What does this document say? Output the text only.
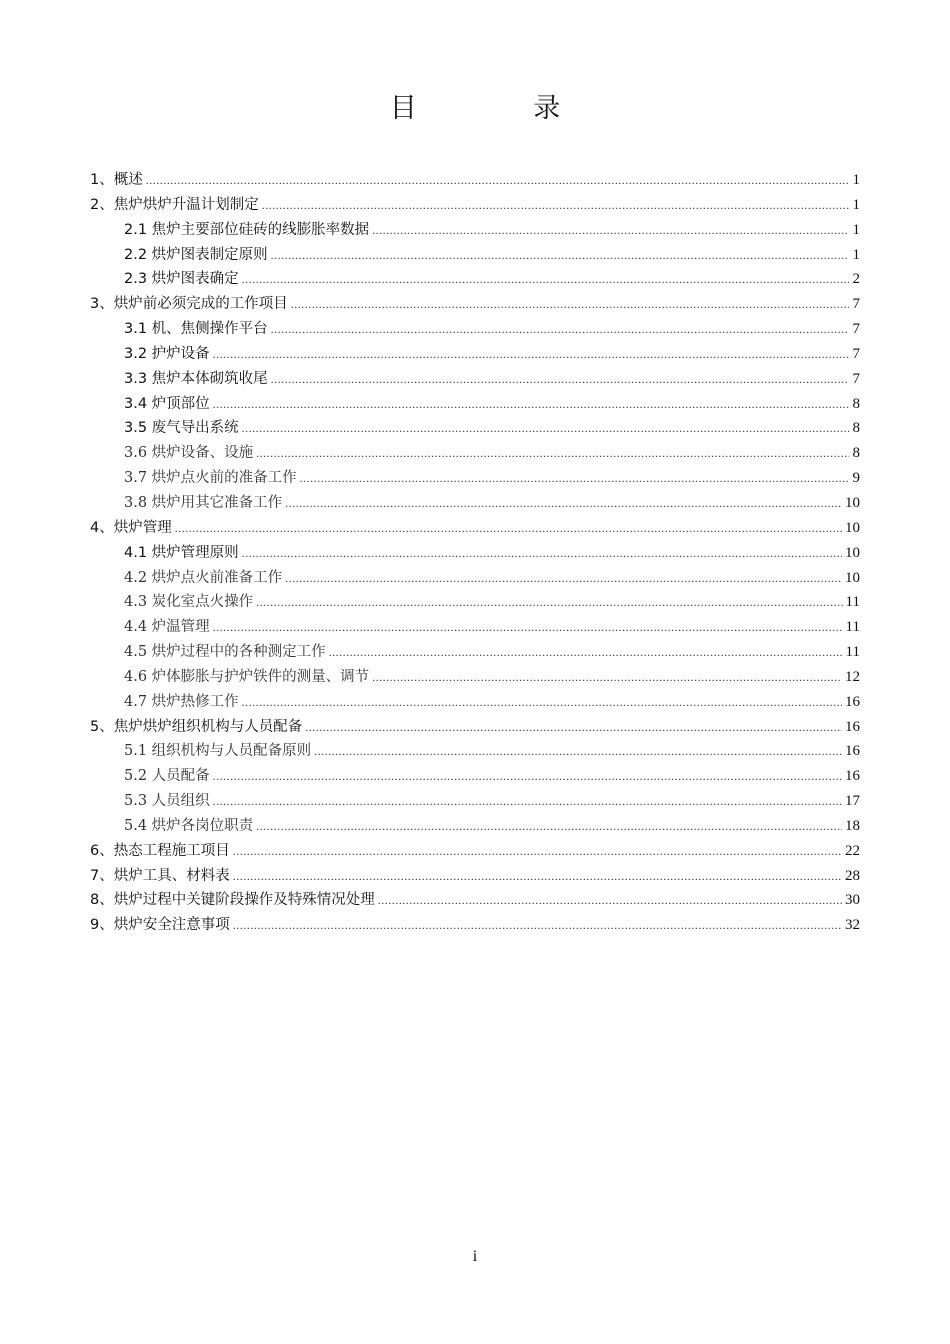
目 录
1、概述 .....	1
2、焦炉烘炉升温计划制定 .....	1
2.1 焦炉主要部位硅砖的线膨胀率数据 .....	1
2.2 烘炉图表制定原则 .....	1
2.3 烘炉图表确定 .....	2
3、烘炉前必须完成的工作项目 .....	7
3.1 机、焦侧操作平台 .....	7
3.2 护炉设备 .....	7
3.3 焦炉本体砌筑收尾 .....	7
3.4 炉顶部位 .....	8
3.5 废气导出系统 .....	8
3.6 烘炉设备、设施 .....	8
3.7 烘炉点火前的准备工作 .....	9
3.8 烘炉用其它准备工作 .....	10
4、烘炉管理 .....	10
4.1 烘炉管理原则 .....	10
4.2 烘炉点火前准备工作 .....	10
4.3 炭化室点火操作 .....	11
4.4 炉温管理 .....	11
4.5 烘炉过程中的各种测定工作 .....	11
4.6 炉体膨胀与护炉铁件的测量、调节 .....	12
4.7 烘炉热修工作 .....	16
5、焦炉烘炉组织机构与人员配备 .....	16
5.1 组织机构与人员配备原则 .....	16
5.2 人员配备 .....	16
5.3 人员组织 .....	17
5.4 烘炉各岗位职责 .....	18
6、热态工程施工项目 .....	22
7、烘炉工具、材料表 .....	28
8、烘炉过程中关键阶段操作及特殊情况处理 .....	30
9、烘炉安全注意事项 .....	32
i
